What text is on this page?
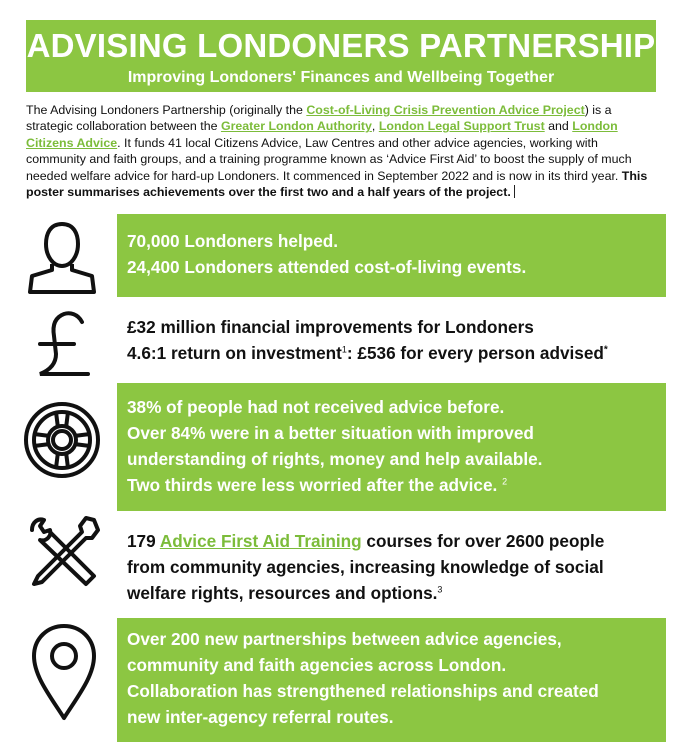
ADVISING LONDONERS PARTNERSHIP
Improving Londoners' Finances and Wellbeing Together
The Advising Londoners Partnership (originally the Cost-of-Living Crisis Prevention Advice Project) is a strategic collaboration between the Greater London Authority, London Legal Support Trust and London Citizens Advice. It funds 41 local Citizens Advice, Law Centres and other advice agencies, working with community and faith groups, and a training programme known as ‘Advice First Aid’ to boost the supply of much needed welfare advice for hard-up Londoners. It commenced in September 2022 and is now in its third year. This poster summarises achievements over the first two and a half years of the project.
70,000 Londoners helped.
24,400 Londoners attended cost-of-living events.
£32 million financial improvements for Londoners
4.6:1 return on investment$^1$: £536 for every person advised*
38% of people had not received advice before.
Over 84% were in a better situation with improved
understanding of rights, money and help available.
Two thirds were less worried after the advice. $^2$
179 Advice First Aid Training courses for over 2600 people
from community agencies, increasing knowledge of social
welfare rights, resources and options.$^3$
Over 200 new partnerships between advice agencies,
community and faith agencies across London.
Collaboration has strengthened relationships and created
new inter-agency referral routes.
